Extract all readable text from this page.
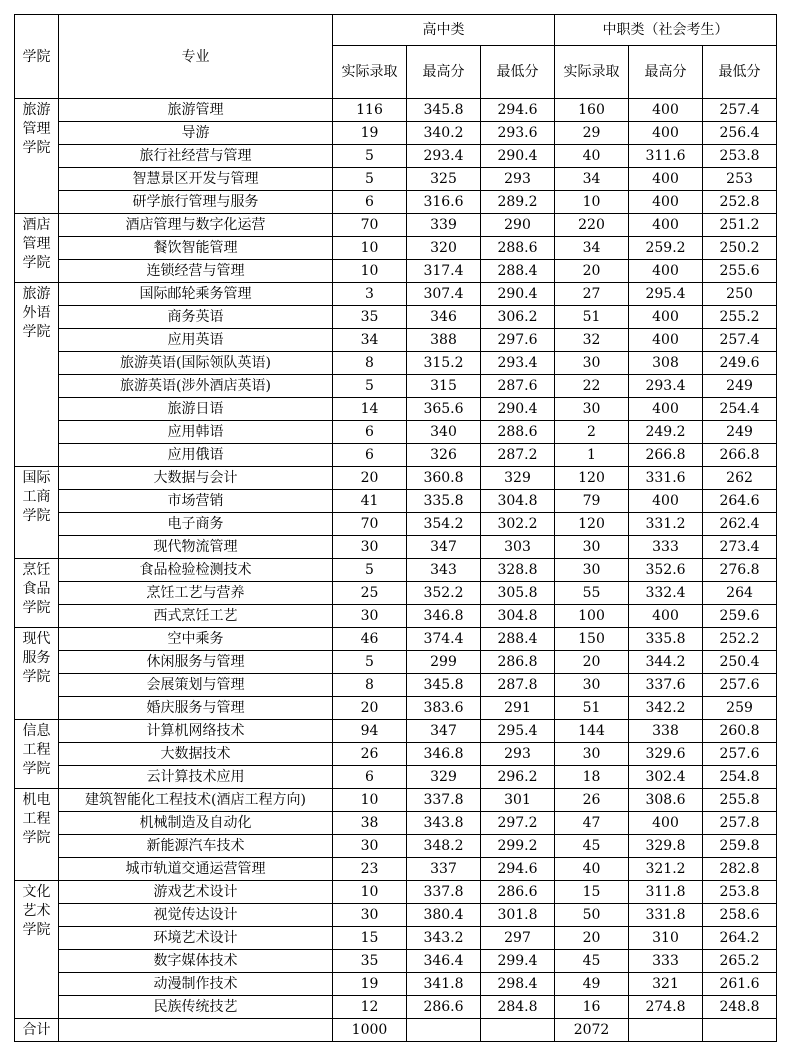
学院	专业	高中类			中职类（社会考生）		
		实际录取	最高分	最低分	实际录取	最高分	最低分
旅游管理学院	旅游管理	116	345.8	294.6	160	400	257.4
	导游	19	340.2	293.6	29	400	256.4
	旅行社经营与管理	5	293.4	290.4	40	311.6	253.8
	智慧景区开发与管理	5	325	293	34	400	253
	研学旅行管理与服务	6	316.6	289.2	10	400	252.8
酒店管理学院	酒店管理与数字化运营	70	339	290	220	400	251.2
	餐饮智能管理	10	320	288.6	34	259.2	250.2
	连锁经营与管理	10	317.4	288.4	20	400	255.6
旅游外语学院	国际邮轮乘务管理	3	307.4	290.4	27	295.4	250
	商务英语	35	346	306.2	51	400	255.2
	应用英语	34	388	297.6	32	400	257.4
	旅游英语(国际领队英语)	8	315.2	293.4	30	308	249.6
	旅游英语(涉外酒店英语)	5	315	287.6	22	293.4	249
	旅游日语	14	365.6	290.4	30	400	254.4
	应用韩语	6	340	288.6	2	249.2	249
	应用俄语	6	326	287.2	1	266.8	266.8
国际工商学院	大数据与会计	20	360.8	329	120	331.6	262
	市场营销	41	335.8	304.8	79	400	264.6
	电子商务	70	354.2	302.2	120	331.2	262.4
	现代物流管理	30	347	303	30	333	273.4
烹饪食品学院	食品检验检测技术	5	343	328.8	30	352.6	276.8
	烹饪工艺与营养	25	352.2	305.8	55	332.4	264
	西式烹饪工艺	30	346.8	304.8	100	400	259.6
现代服务学院	空中乘务	46	374.4	288.4	150	335.8	252.2
	休闲服务与管理	5	299	286.8	20	344.2	250.4
	会展策划与管理	8	345.8	287.8	30	337.6	257.6
	婚庆服务与管理	20	383.6	291	51	342.2	259
信息工程学院	计算机网络技术	94	347	295.4	144	338	260.8
	大数据技术	26	346.8	293	30	329.6	257.6
	云计算技术应用	6	329	296.2	18	302.4	254.8
机电工程学院	建筑智能化工程技术(酒店工程方向)	10	337.8	301	26	308.6	255.8
	机械制造及自动化	38	343.8	297.2	47	400	257.8
	新能源汽车技术	30	348.2	299.2	45	329.8	259.8
	城市轨道交通运营管理	23	337	294.6	40	321.2	282.8
文化艺术学院	游戏艺术设计	10	337.8	286.6	15	311.8	253.8
	视觉传达设计	30	380.4	301.8	50	331.8	258.6
	环境艺术设计	15	343.2	297	20	310	264.2
	数字媒体技术	35	346.4	299.4	45	333	265.2
	动漫制作技术	19	341.8	298.4	49	321	261.6
	民族传统技艺	12	286.6	284.8	16	274.8	248.8
合计		1000			2072		
